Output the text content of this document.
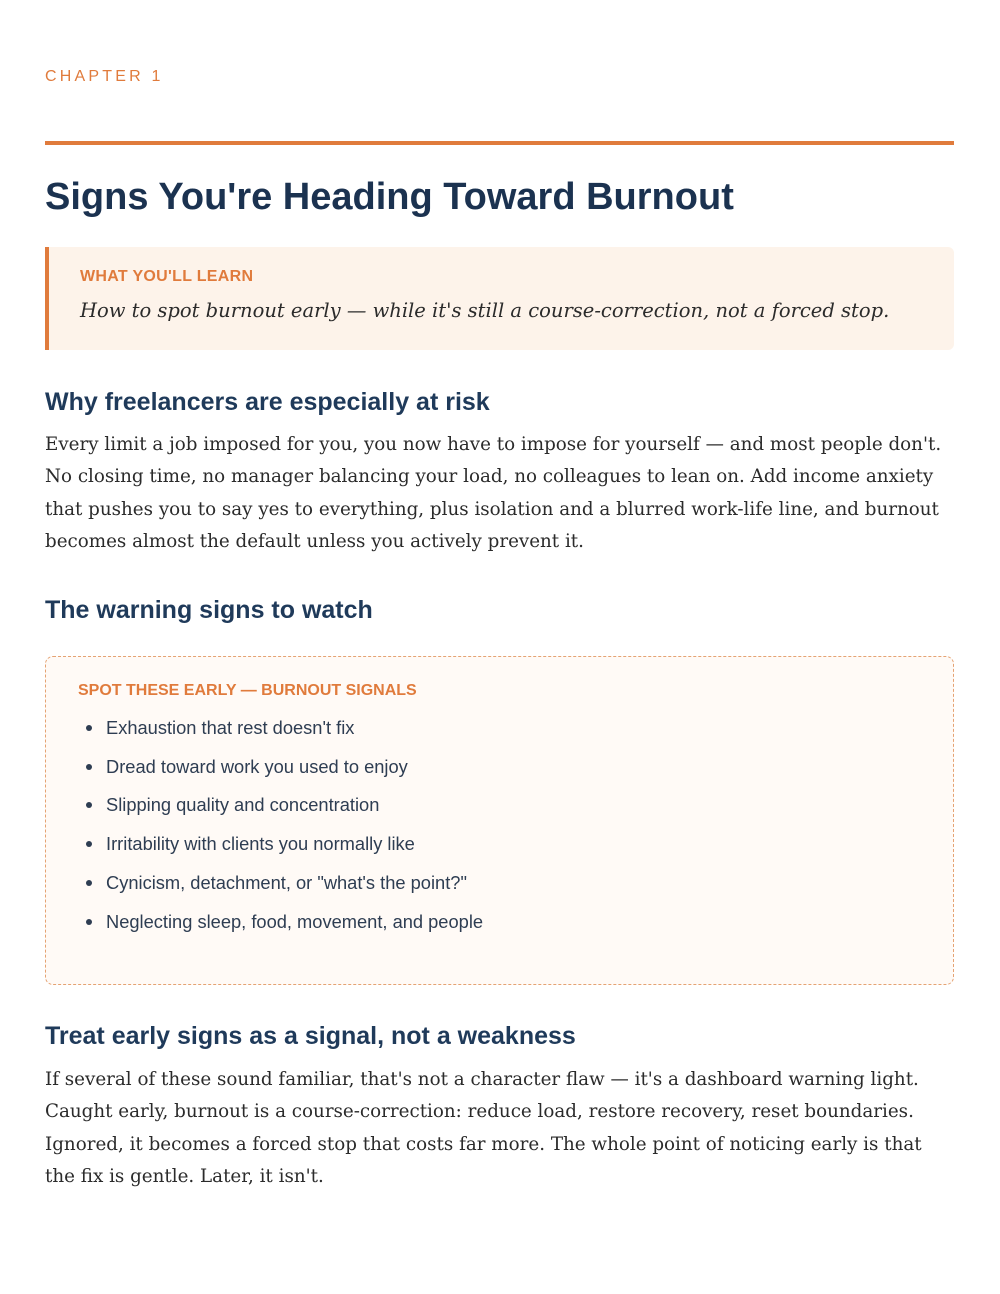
CHAPTER 1

Signs You're Heading Toward Burnout

WHAT YOU'LL LEARN

How to spot burnout early — while it's still a course-correction, not a forced stop.

Why freelancers are especially at risk

Every limit a job imposed for you, you now have to impose for yourself — and most people don't. No closing time, no manager balancing your load, no colleagues to lean on. Add income anxiety that pushes you to say yes to everything, plus isolation and a blurred work-life line, and burnout becomes almost the default unless you actively prevent it.

The warning signs to watch

SPOT THESE EARLY — BURNOUT SIGNALS

Exhaustion that rest doesn't fix
Dread toward work you used to enjoy
Slipping quality and concentration
Irritability with clients you normally like
Cynicism, detachment, or "what's the point?"
Neglecting sleep, food, movement, and people
Treat early signs as a signal, not a weakness

If several of these sound familiar, that's not a character flaw — it's a dashboard warning light. Caught early, burnout is a course-correction: reduce load, restore recovery, reset boundaries. Ignored, it becomes a forced stop that costs far more. The whole point of noticing early is that the fix is gentle. Later, it isn't.
